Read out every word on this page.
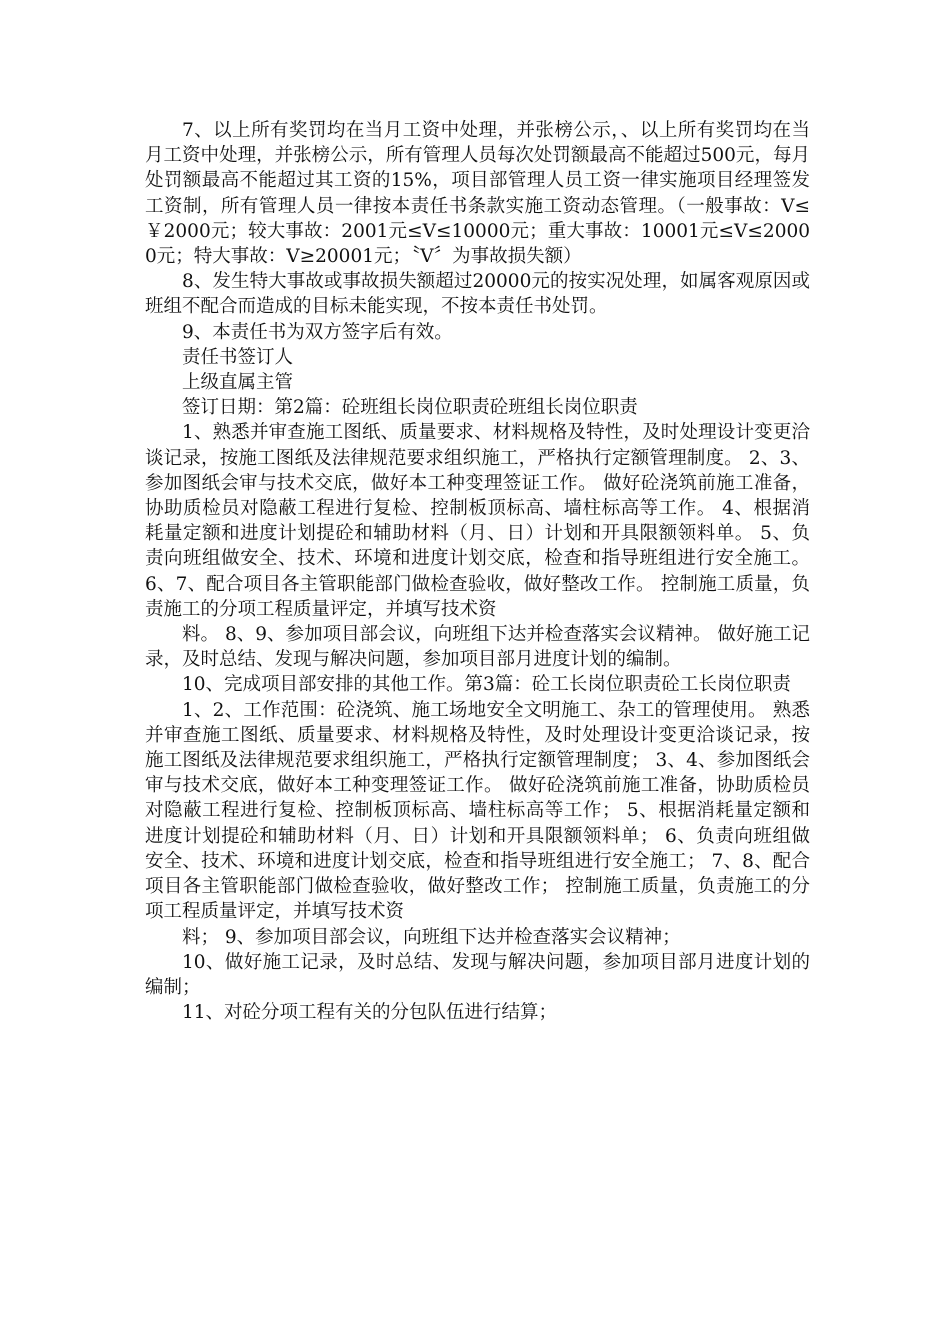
7、以上所有奖罚均在当月工资中处理，并张榜公示，、以上所有奖罚均在当月工资中处理，并张榜公示，所有管理人员每次处罚额最高不能超过500元，每月处罚额最高不能超过其工资的15%，项目部管理人员工资一律实施项目经理签发工资制，所有管理人员一律按本责任书条款实施工资动态管理。（一般事故：V≤￥2000元；较大事故：2001元≤V≤10000元；重大事故：10001元≤V≤20000元；特大事故：V≥20001元；〝V〞为事故损失额）

8、发生特大事故或事故损失额超过20000元的按实况处理，如属客观原因或班组不配合而造成的目标未能实现，不按本责任书处罚。

9、本责任书为双方签字后有效。

责任书签订人

上级直属主管

签订日期：第2篇：砼班组长岗位职责砼班组长岗位职责

1、熟悉并审查施工图纸、质量要求、材料规格及特性，及时处理设计变更洽谈记录，按施工图纸及法律规范要求组织施工，严格执行定额管理制度。 2、3、参加图纸会审与技术交底，做好本工种变理签证工作。 做好砼浇筑前施工准备，协助质检员对隐蔽工程进行复检、控制板顶标高、墙柱标高等工作。 4、根据消耗量定额和进度计划提砼和辅助材料（月、日）计划和开具限额领料单。 5、负责向班组做安全、技术、环境和进度计划交底，检查和指导班组进行安全施工。 6、7、配合项目各主管职能部门做检查验收，做好整改工作。 控制施工质量，负责施工的分项工程质量评定，并填写技术资

料。 8、9、参加项目部会议，向班组下达并检查落实会议精神。 做好施工记录，及时总结、发现与解决问题，参加项目部月进度计划的编制。

10、完成项目部安排的其他工作。第3篇：砼工长岗位职责砼工长岗位职责

1、2、工作范围：砼浇筑、施工场地安全文明施工、杂工的管理使用。 熟悉并审查施工图纸、质量要求、材料规格及特性，及时处理设计变更洽谈记录，按施工图纸及法律规范要求组织施工，严格执行定额管理制度； 3、4、参加图纸会审与技术交底，做好本工种变理签证工作。 做好砼浇筑前施工准备，协助质检员对隐蔽工程进行复检、控制板顶标高、墙柱标高等工作； 5、根据消耗量定额和进度计划提砼和辅助材料（月、日）计划和开具限额领料单； 6、负责向班组做安全、技术、环境和进度计划交底，检查和指导班组进行安全施工； 7、8、配合项目各主管职能部门做检查验收，做好整改工作； 控制施工质量，负责施工的分项工程质量评定，并填写技术资

料； 9、参加项目部会议，向班组下达并检查落实会议精神；

10、做好施工记录，及时总结、发现与解决问题，参加项目部月进度计划的编制；

11、对砼分项工程有关的分包队伍进行结算；
